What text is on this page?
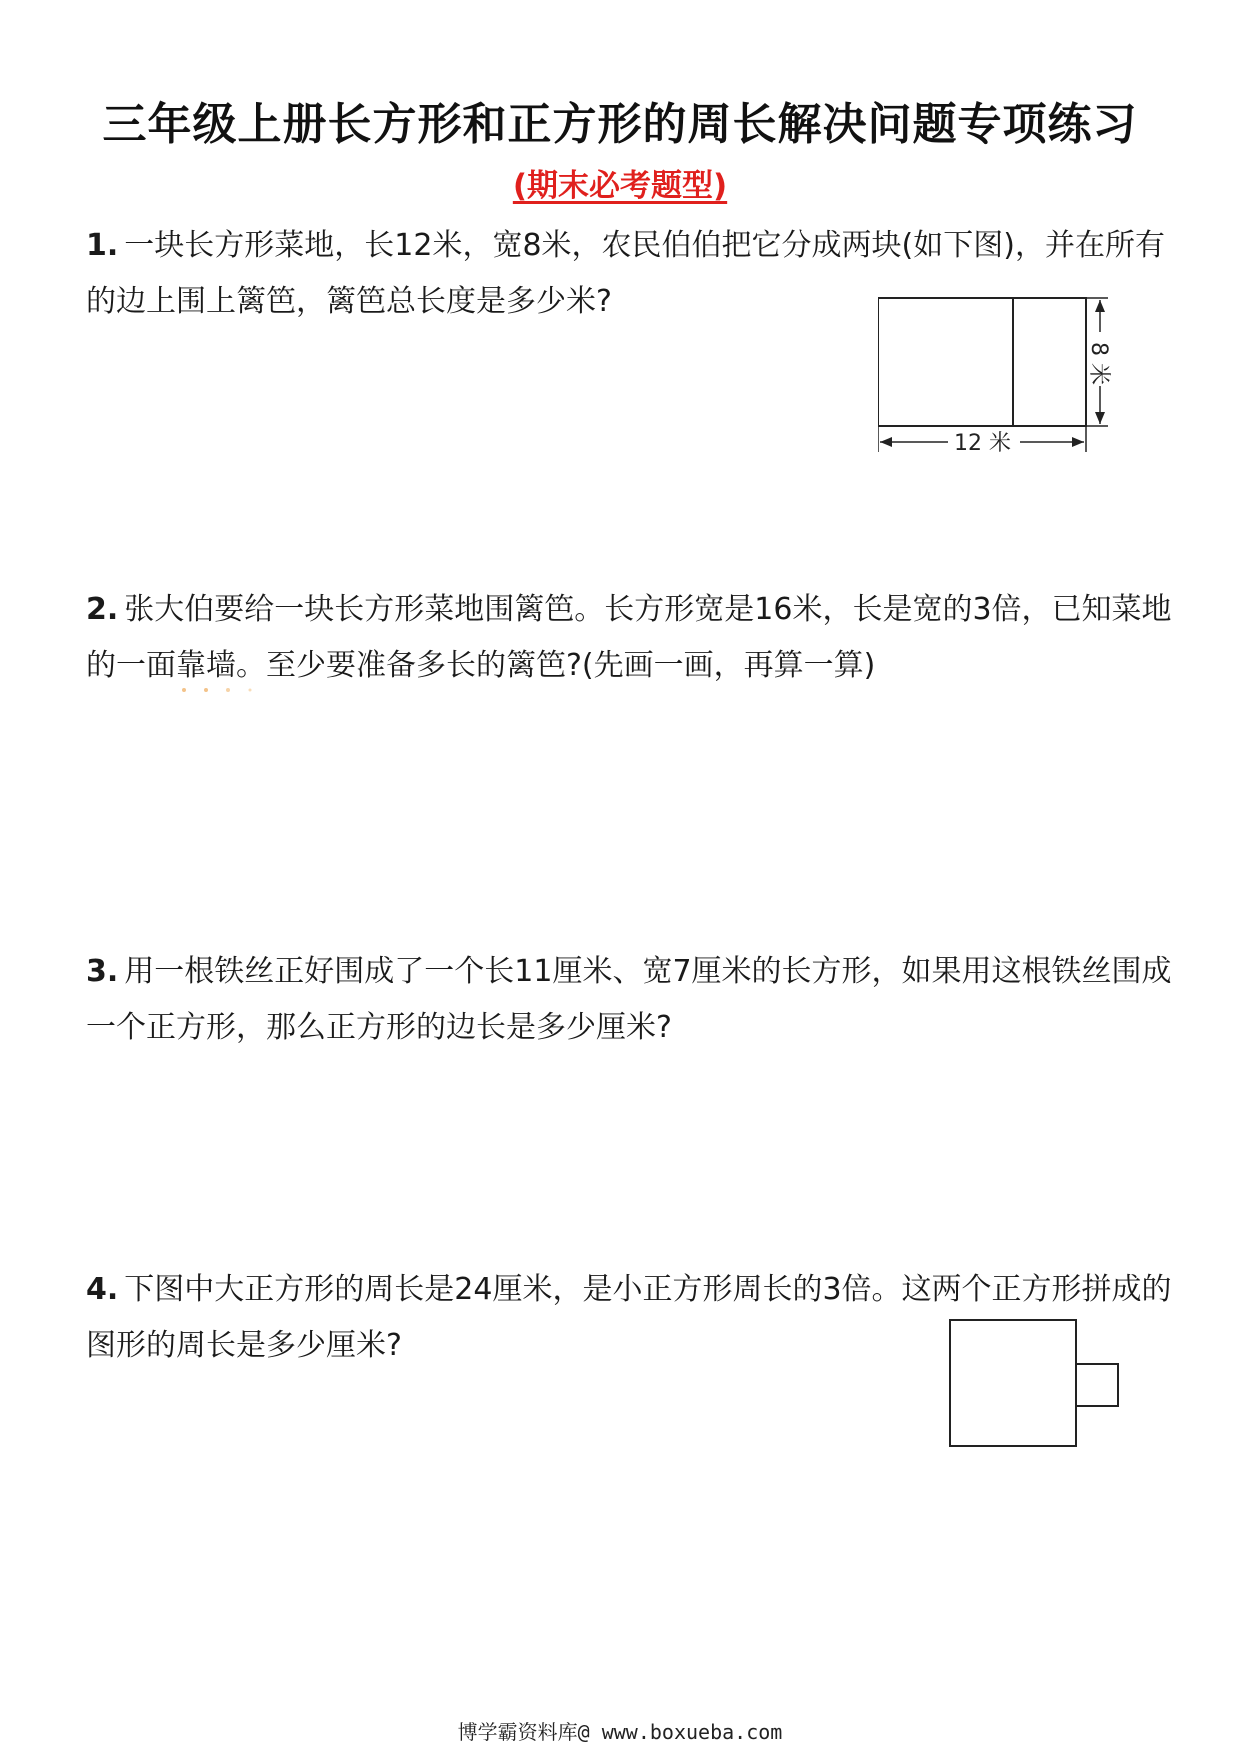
三年级上册长方形和正方形的周长解决问题专项练习
(期末必考题型)
1. 一块长方形菜地，长12米，宽8米，农民伯伯把它分成两块(如下图)，并在所有的边上围上篱笆，篱笆总长度是多少米?
8 米
12 米
2. 张大伯要给一块长方形菜地围篱笆。长方形宽是16米，长是宽的3倍，已知菜地的一面靠墙。至少要准备多长的篱笆?(先画一画，再算一算)
3. 用一根铁丝正好围成了一个长11厘米、宽7厘米的长方形，如果用这根铁丝围成一个正方形，那么正方形的边长是多少厘米?
4. 下图中大正方形的周长是24厘米，是小正方形周长的3倍。这两个正方形拼成的图形的周长是多少厘米?
博学霸资料库@ www.boxueba.com
